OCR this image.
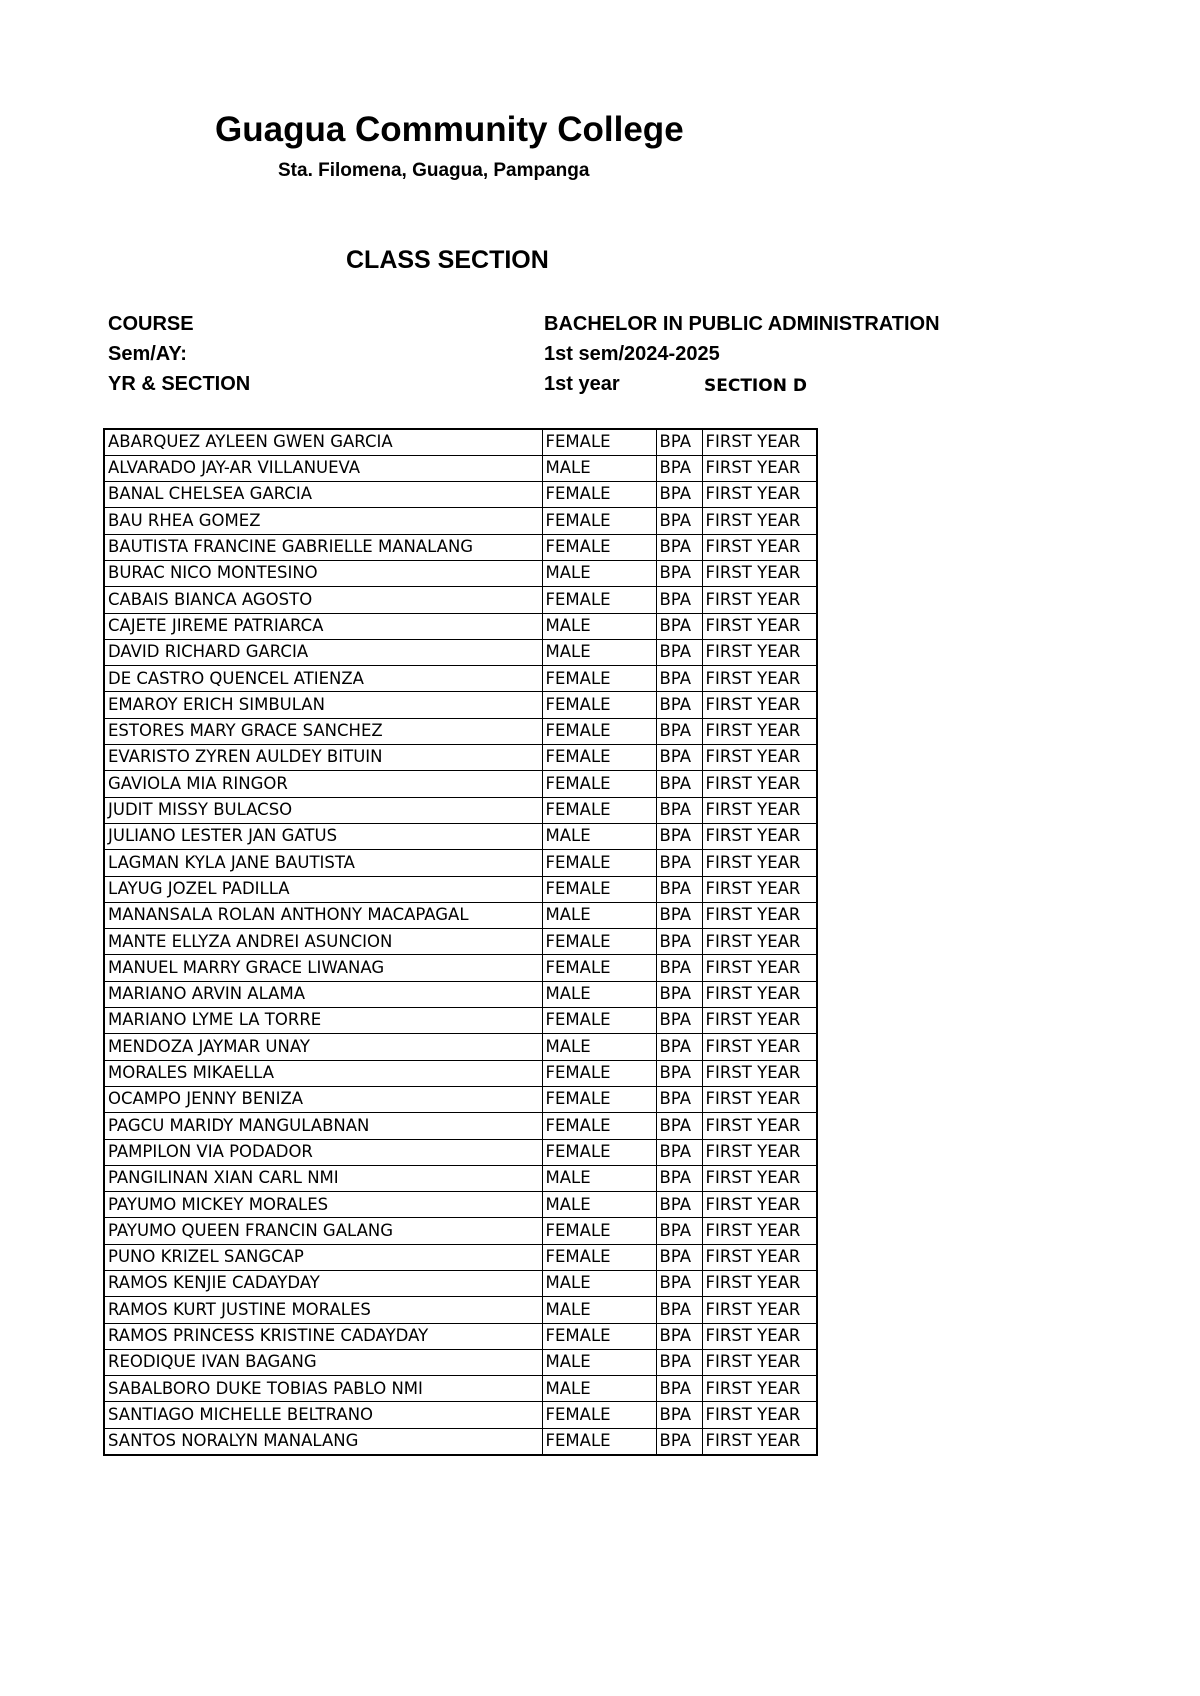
Guagua Community College
Sta. Filomena, Guagua, Pampanga
CLASS SECTION
COURSE	BACHELOR IN PUBLIC ADMINISTRATION
Sem/AY:	1st sem/2024-2025
YR & SECTION	1st year	SECTION D
ABARQUEZ AYLEEN GWEN GARCIA	FEMALE	BPA	FIRST YEAR
ALVARADO JAY-AR VILLANUEVA	MALE	BPA	FIRST YEAR
BANAL CHELSEA GARCIA	FEMALE	BPA	FIRST YEAR
BAU RHEA GOMEZ	FEMALE	BPA	FIRST YEAR
BAUTISTA FRANCINE GABRIELLE MANALANG	FEMALE	BPA	FIRST YEAR
BURAC NICO MONTESINO	MALE	BPA	FIRST YEAR
CABAIS BIANCA AGOSTO	FEMALE	BPA	FIRST YEAR
CAJETE JIREME PATRIARCA	MALE	BPA	FIRST YEAR
DAVID RICHARD GARCIA	MALE	BPA	FIRST YEAR
DE CASTRO QUENCEL ATIENZA	FEMALE	BPA	FIRST YEAR
EMAROY ERICH SIMBULAN	FEMALE	BPA	FIRST YEAR
ESTORES MARY GRACE SANCHEZ	FEMALE	BPA	FIRST YEAR
EVARISTO ZYREN AULDEY BITUIN	FEMALE	BPA	FIRST YEAR
GAVIOLA MIA RINGOR	FEMALE	BPA	FIRST YEAR
JUDIT MISSY BULACSO	FEMALE	BPA	FIRST YEAR
JULIANO LESTER JAN GATUS	MALE	BPA	FIRST YEAR
LAGMAN KYLA JANE BAUTISTA	FEMALE	BPA	FIRST YEAR
LAYUG JOZEL PADILLA	FEMALE	BPA	FIRST YEAR
MANANSALA ROLAN ANTHONY MACAPAGAL	MALE	BPA	FIRST YEAR
MANTE ELLYZA ANDREI ASUNCION	FEMALE	BPA	FIRST YEAR
MANUEL MARRY GRACE LIWANAG	FEMALE	BPA	FIRST YEAR
MARIANO ARVIN ALAMA	MALE	BPA	FIRST YEAR
MARIANO LYME LA TORRE	FEMALE	BPA	FIRST YEAR
MENDOZA JAYMAR UNAY	MALE	BPA	FIRST YEAR
MORALES MIKAELLA	FEMALE	BPA	FIRST YEAR
OCAMPO JENNY BENIZA	FEMALE	BPA	FIRST YEAR
PAGCU MARIDY MANGULABNAN	FEMALE	BPA	FIRST YEAR
PAMPILON VIA PODADOR	FEMALE	BPA	FIRST YEAR
PANGILINAN XIAN CARL NMI	MALE	BPA	FIRST YEAR
PAYUMO MICKEY MORALES	MALE	BPA	FIRST YEAR
PAYUMO QUEEN FRANCIN GALANG	FEMALE	BPA	FIRST YEAR
PUNO KRIZEL SANGCAP	FEMALE	BPA	FIRST YEAR
RAMOS KENJIE CADAYDAY	MALE	BPA	FIRST YEAR
RAMOS KURT JUSTINE MORALES	MALE	BPA	FIRST YEAR
RAMOS PRINCESS KRISTINE CADAYDAY	FEMALE	BPA	FIRST YEAR
REODIQUE IVAN BAGANG	MALE	BPA	FIRST YEAR
SABALBORO DUKE TOBIAS PABLO NMI	MALE	BPA	FIRST YEAR
SANTIAGO MICHELLE BELTRANO	FEMALE	BPA	FIRST YEAR
SANTOS NORALYN MANALANG	FEMALE	BPA	FIRST YEAR
